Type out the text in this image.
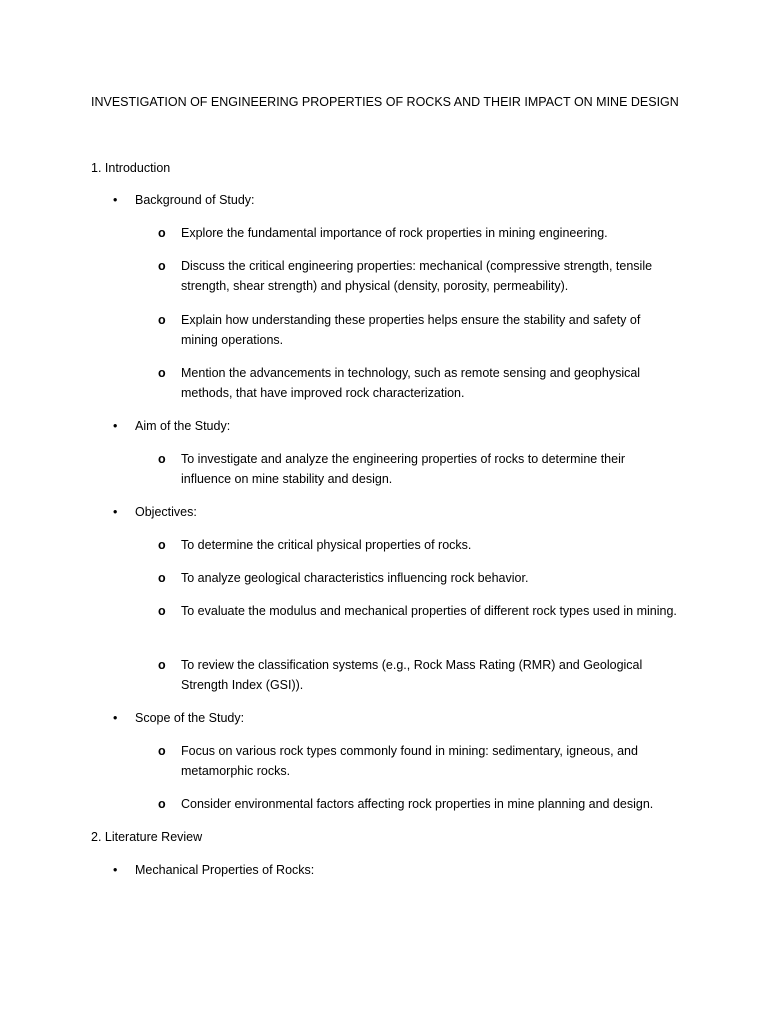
INVESTIGATION OF ENGINEERING PROPERTIES OF ROCKS AND THEIR IMPACT ON MINE DESIGN
1. Introduction
•	Background of Study:
o	Explore the fundamental importance of rock properties in mining engineering.
o	Discuss the critical engineering properties: mechanical (compressive strength, tensile strength, shear strength) and physical (density, porosity, permeability).
o	Explain how understanding these properties helps ensure the stability and safety of mining operations.
o	Mention the advancements in technology, such as remote sensing and geophysical methods, that have improved rock characterization.
•	Aim of the Study:
o	To investigate and analyze the engineering properties of rocks to determine their influence on mine stability and design.
•	Objectives:
o	To determine the critical physical properties of rocks.
o	To analyze geological characteristics influencing rock behavior.
o	To evaluate the modulus and mechanical properties of different rock types used in mining.
o	To review the classification systems (e.g., Rock Mass Rating (RMR) and Geological Strength Index (GSI)).
•	Scope of the Study:
o	Focus on various rock types commonly found in mining: sedimentary, igneous, and metamorphic rocks.
o	Consider environmental factors affecting rock properties in mine planning and design.
2. Literature Review
•	Mechanical Properties of Rocks:
